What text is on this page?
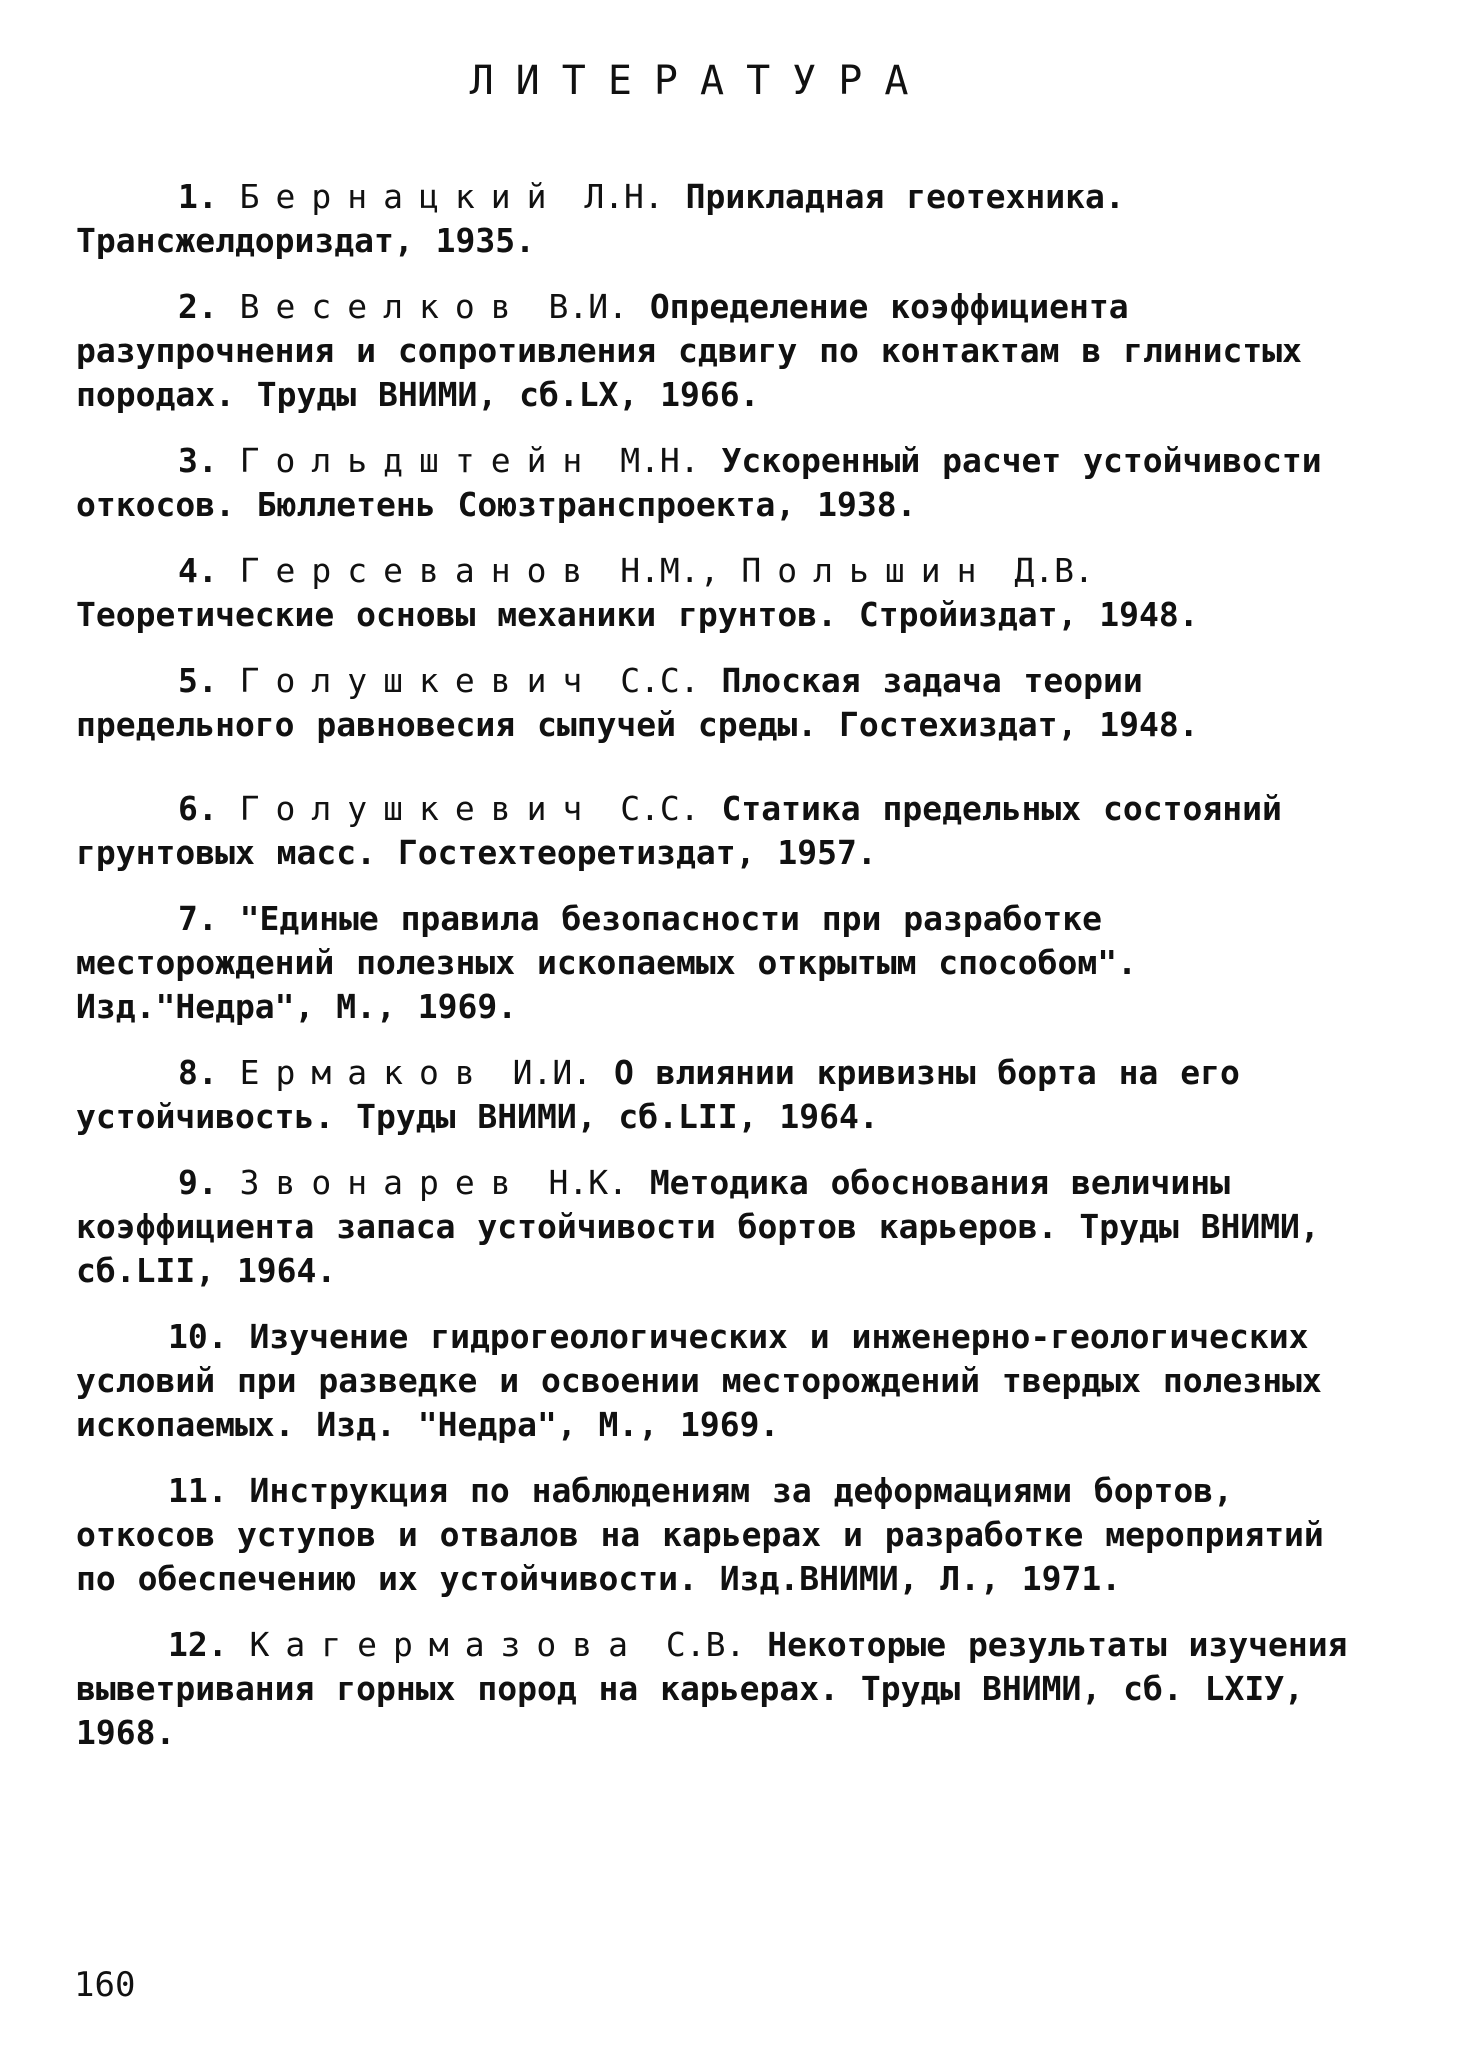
ЛИТЕРАТУРА

1. Бернацкий Л.Н. Прикладная геотехника. Трансжелдориздат, 1935.

2. Веселков В.И. Определение коэффициента разупрочнения и сопротивления сдвигу по контактам в глинистых породах. Труды ВНИМИ, сб.LX, 1966.

3. Гольдштейн М.Н. Ускоренный расчет устойчивости откосов. Бюллетень Союзтранспроекта, 1938.

4. Герсеванов Н.М., Польшин Д.В. Теоретические основы механики грунтов. Стройиздат, 1948.

5. Голушкевич С.С. Плоская задача теории предельного равновесия сыпучей среды. Гостехиздат, 1948.

6. Голушкевич С.С. Статика предельных состояний грунтовых масс. Гостехтеоретиздат, 1957.

7. "Единые правила безопасности при разработке месторождений полезных ископаемых открытым способом". Изд."Недра", М., 1969.

8. Ермаков И.И. О влиянии кривизны борта на его устойчивость. Труды ВНИМИ, сб.LII, 1964.

9. Звонарев Н.К. Методика обоснования величины коэффициента запаса устойчивости бортов карьеров. Труды ВНИМИ, сб.LII, 1964.

10. Изучение гидрогеологических и инженерно-геологических условий при разведке и освоении месторождений твердых полезных ископаемых. Изд. "Недра", М., 1969.

11. Инструкция по наблюдениям за деформациями бортов, откосов уступов и отвалов на карьерах и разработке мероприятий по обеспечению их устойчивости. Изд.ВНИМИ, Л., 1971.

12. Кагермазова С.В. Некоторые результаты изучения выветривания горных пород на карьерах. Труды ВНИМИ, сб. LXIУ, 1968.

160
